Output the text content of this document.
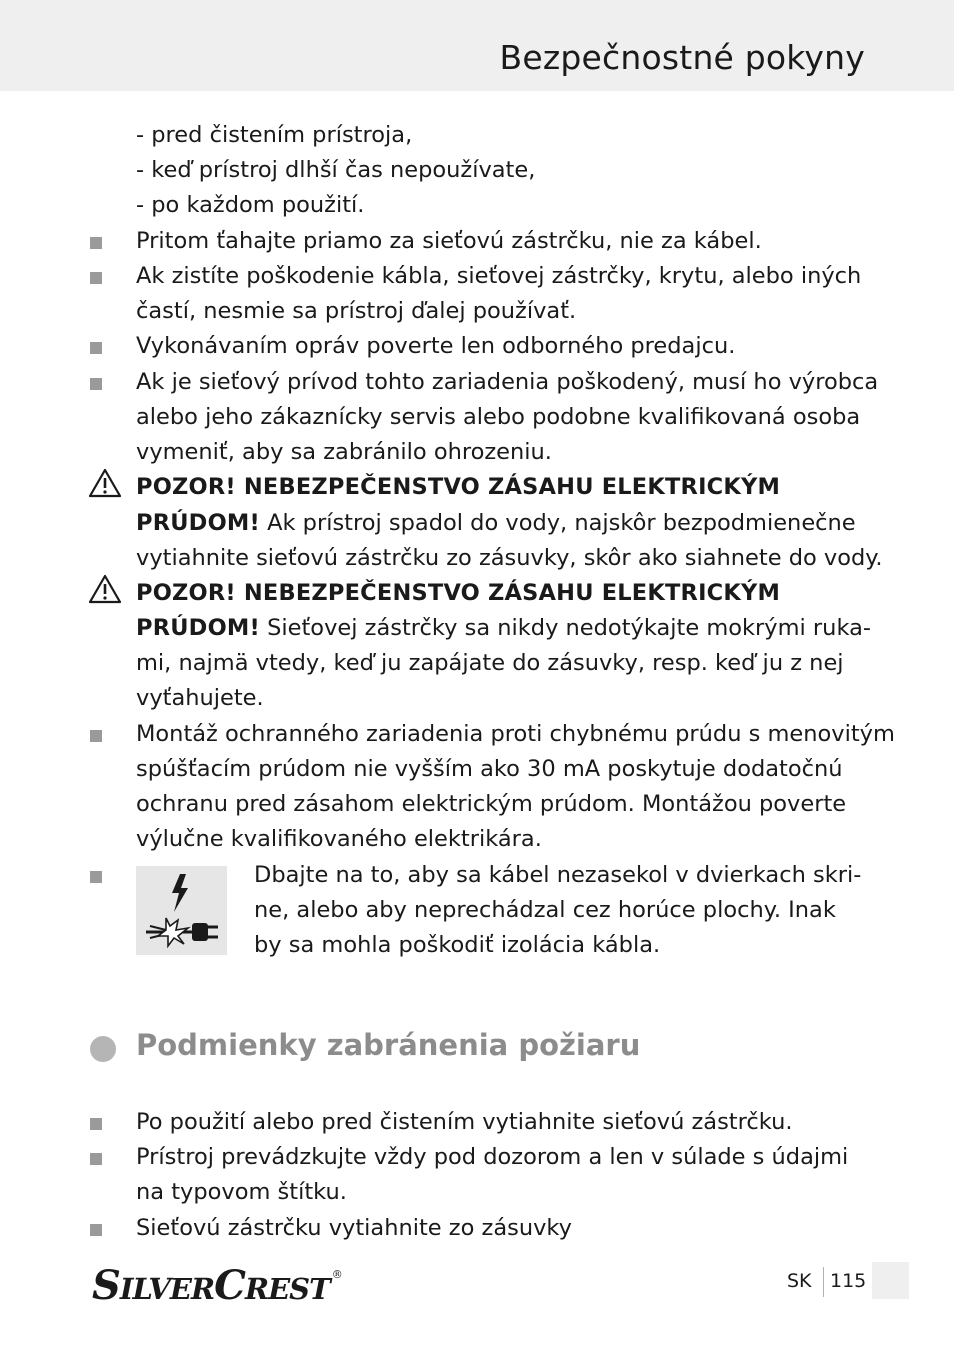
Bezpečnostné pokyny
- pred čistením prístroja,
- keď prístroj dlhší čas nepoužívate,
- po každom použití.
Pritom ťahajte priamo za sieťovú zástrčku, nie za kábel.
Ak zistíte poškodenie kábla, sieťovej zástrčky, krytu, alebo iných
častí, nesmie sa prístroj ďalej používať.
Vykonávaním opráv poverte len odborného predajcu.
Ak je sieťový prívod tohto zariadenia poškodený, musí ho výrobca
alebo jeho zákaznícky servis alebo podobne kvalifikovaná osoba
vymeniť, aby sa zabránilo ohrozeniu.
POZOR! NEBEZPEČENSTVO ZÁSAHU ELEKTRICKÝM
PRÚDOM! Ak prístroj spadol do vody, najskôr bezpodmienečne
vytiahnite sieťovú zástrčku zo zásuvky, skôr ako siahnete do vody.
POZOR! NEBEZPEČENSTVO ZÁSAHU ELEKTRICKÝM
PRÚDOM! Sieťovej zástrčky sa nikdy nedotýkajte mokrými ruka-
mi, najmä vtedy, keď ju zapájate do zásuvky, resp. keď ju z nej
vyťahujete.
Montáž ochranného zariadenia proti chybnému prúdu s menovitým
spúšťacím prúdom nie vyšším ako 30 mA poskytuje dodatočnú
ochranu pred zásahom elektrickým prúdom. Montážou poverte
výlučne kvalifikovaného elektrikára.
Dbajte na to, aby sa kábel nezasekol v dvierkach skri-
ne, alebo aby neprechádzal cez horúce plochy. Inak
by sa mohla poškodiť izolácia kábla.
Podmienky zabránenia požiaru
Po použití alebo pred čistením vytiahnite sieťovú zástrčku.
Prístroj prevádzkujte vždy pod dozorom a len v súlade s údajmi
na typovom štítku.
Sieťovú zástrčku vytiahnite zo zásuvky
SILVERCREST ®	SK 115
